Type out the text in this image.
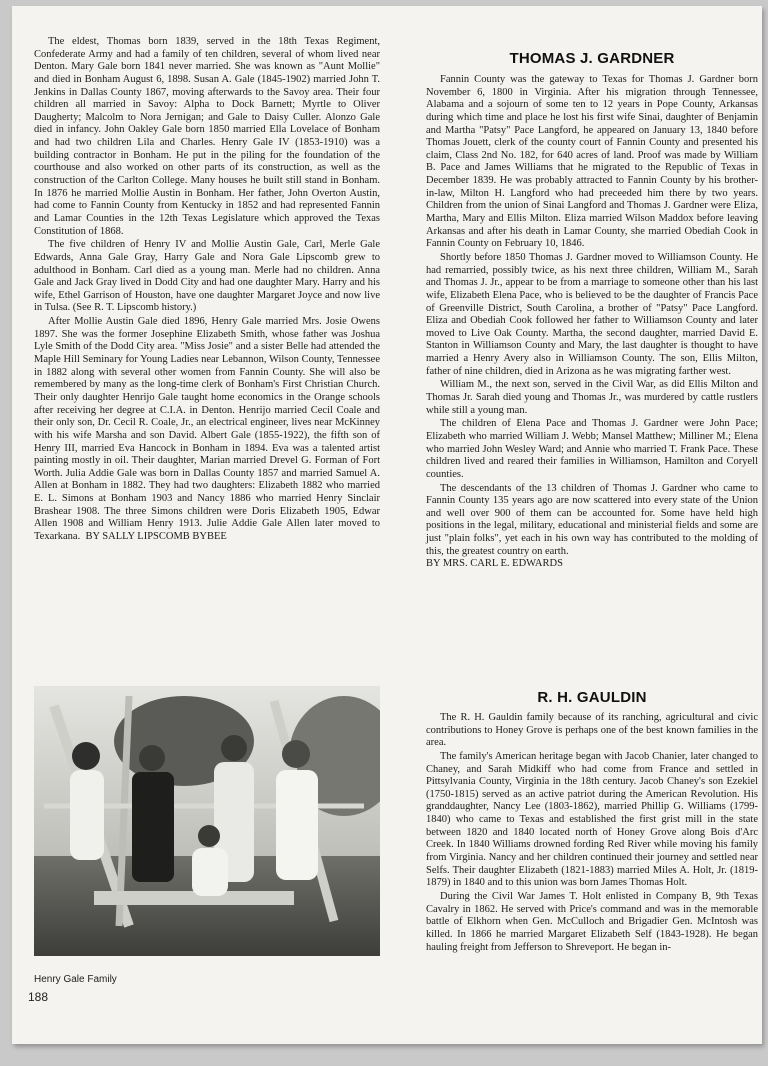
The eldest, Thomas born 1839, served in the 18th Texas Regiment, Confederate Army and had a family of ten children, several of whom lived near Denton. Mary Gale born 1841 never married. She was known as "Aunt Mollie" and died in Bonham August 6, 1898. Susan A. Gale (1845-1902) married John T. Jenkins in Dallas County 1867, moving afterwards to the Savoy area. Their four children all married in Savoy: Alpha to Dock Barnett; Myrtle to Oliver Daugherty; Malcolm to Nora Jernigan; and Gale to Daisy Culler. Alonzo Gale died in infancy. John Oakley Gale born 1850 married Ella Lovelace of Bonham and had two children Lila and Charles. Henry Gale IV (1853-1910) was a building contractor in Bonham. He put in the piling for the foundation of the courthouse and also worked on other parts of its construction, as well as the construction of the Carlton College. Many houses he built still stand in Bonham. In 1876 he married Mollie Austin in Bonham. Her father, John Overton Austin, had come to Fannin County from Kentucky in 1852 and had represented Fannin and Lamar Counties in the 12th Texas Legislature which approved the Texas Constitution of 1868.

The five children of Henry IV and Mollie Austin Gale, Carl, Merle Gale Edwards, Anna Gale Gray, Harry Gale and Nora Gale Lipscomb grew to adulthood in Bonham. Carl died as a young man. Merle had no children. Anna Gale and Jack Gray lived in Dodd City and had one daughter Mary. Harry and his wife, Ethel Garrison of Houston, have one daughter Margaret Joyce and now live in Tulsa. (See R. T. Lipscomb history.)

After Mollie Austin Gale died 1896, Henry Gale married Mrs. Josie Owens 1897. She was the former Josephine Elizabeth Smith, whose father was Joshua Lyle Smith of the Dodd City area. "Miss Josie" and a sister Belle had attended the Maple Hill Seminary for Young Ladies near Lebannon, Wilson County, Tennessee in 1882 along with several other women from Fannin County. She will also be remembered by many as the long-time clerk of Bonham's First Christian Church. Their only daughter Henrijo Gale taught home economics in the Orange schools after receiving her degree at C.I.A. in Denton. Henrijo married Cecil Coale and their only son, Dr. Cecil R. Coale, Jr., an electrical engineer, lives near McKinney with his wife Marsha and son David. Albert Gale (1855-1922), the fifth son of Henry III, married Eva Hancock in Bonham in 1894. Eva was a talented artist painting mostly in oil. Their daughter, Marian married Drevel G. Forman of Fort Worth. Julia Addie Gale was born in Dallas County 1857 and married Samuel A. Allen at Bonham in 1882. They had two daughters: Elizabeth 1882 who married E. L. Simons at Bonham 1903 and Nancy 1886 who married Henry Sinclair Brashear 1908. The three Simons children were Doris Elizabeth 1905, Edwar Allen 1908 and William Henry 1913. Julie Addie Gale Allen later moved to Texarkana. BY SALLY LIPSCOMB BYBEE

THOMAS J. GARDNER

Fannin County was the gateway to Texas for Thomas J. Gardner born November 6, 1800 in Virginia. After his migration through Tennessee, Alabama and a sojourn of some ten to 12 years in Pope County, Arkansas during which time and place he lost his first wife Sinai, daughter of Benjamin and Martha "Patsy" Pace Langford, he appeared on January 13, 1840 before Thomas Jouett, clerk of the county court of Fannin County and presented his claim, Class 2nd No. 182, for 640 acres of land. Proof was made by William B. Pace and James Williams that he migrated to the Republic of Texas in December 1839. He was probably attracted to Fannin County by his brother-in-law, Milton H. Langford who had preceeded him there by two years. Children from the union of Sinai Langford and Thomas J. Gardner were Eliza, Martha, Mary and Ellis Milton. Eliza married Wilson Maddox before leaving Arkansas and after his death in Lamar County, she married Obediah Cook in Fannin County on February 10, 1846.

Shortly before 1850 Thomas J. Gardner moved to Williamson County. He had remarried, possibly twice, as his next three children, William M., Sarah and Thomas J. Jr., appear to be from a marriage to someone other than his last wife, Elizabeth Elena Pace, who is believed to be the daughter of Francis Pace of Greenville District, South Carolina, a brother of "Patsy" Pace Langford. Eliza and Obediah Cook followed her father to Williamson County and later moved to Live Oak County. Martha, the second daughter, married David E. Stanton in Williamson County and Mary, the last daughter is thought to have married a Henry Avery also in Williamson County. The son, Ellis Milton, father of nine children, died in Arizona as he was migrating farther west.

William M., the next son, served in the Civil War, as did Ellis Milton and Thomas Jr. Sarah died young and Thomas Jr., was murdered by cattle rustlers while still a young man.

The children of Elena Pace and Thomas J. Gardner were John Pace; Elizabeth who married William J. Webb; Mansel Matthew; Milliner M.; Elena who married John Wesley Ward; and Annie who married T. Frank Pace. These children lived and reared their families in Williamson, Hamilton and Coryell counties.

The descendants of the 13 children of Thomas J. Gardner who came to Fannin County 135 years ago are now scattered into every state of the Union and well over 900 of them can be accounted for. Some have held high positions in the legal, military, educational and ministerial fields and some are just "plain folks", yet each in his own way has contributed to the molding of this, the greatest country on earth.

BY MRS. CARL E. EDWARDS

R. H. GAULDIN

The R. H. Gauldin family because of its ranching, agricultural and civic contributions to Honey Grove is perhaps one of the best known families in the area.

The family's American heritage began with Jacob Chanier, later changed to Chaney, and Sarah Midkiff who had come from France and settled in Pittsylvania County, Virginia in the 18th century. Jacob Chaney's son Ezekiel (1750-1815) served as an active patriot during the American Revolution. His granddaughter, Nancy Lee (1803-1862), married Phillip G. Williams (1799-1840) who came to Texas and established the first grist mill in the state between 1820 and 1840 located north of Honey Grove along Bois d'Arc Creek. In 1840 Williams drowned fording Red River while moving his family from Virginia. Nancy and her children continued their journey and settled near Selfs. Their daughter Elizabeth (1821-1883) married Miles A. Holt, Jr. (1819-1879) in 1840 and to this union was born James Thomas Holt.

During the Civil War James T. Holt enlisted in Company B, 9th Texas Cavalry in 1862. He served with Price's command and was in the memorable battle of Elkhorn when Gen. McCulloch and Brigadier Gen. McIntosh was killed. In 1866 he married Margaret Elizabeth Self (1843-1928). He began hauling freight from Jefferson to Shreveport. He began in-

Henry Gale Family
188
